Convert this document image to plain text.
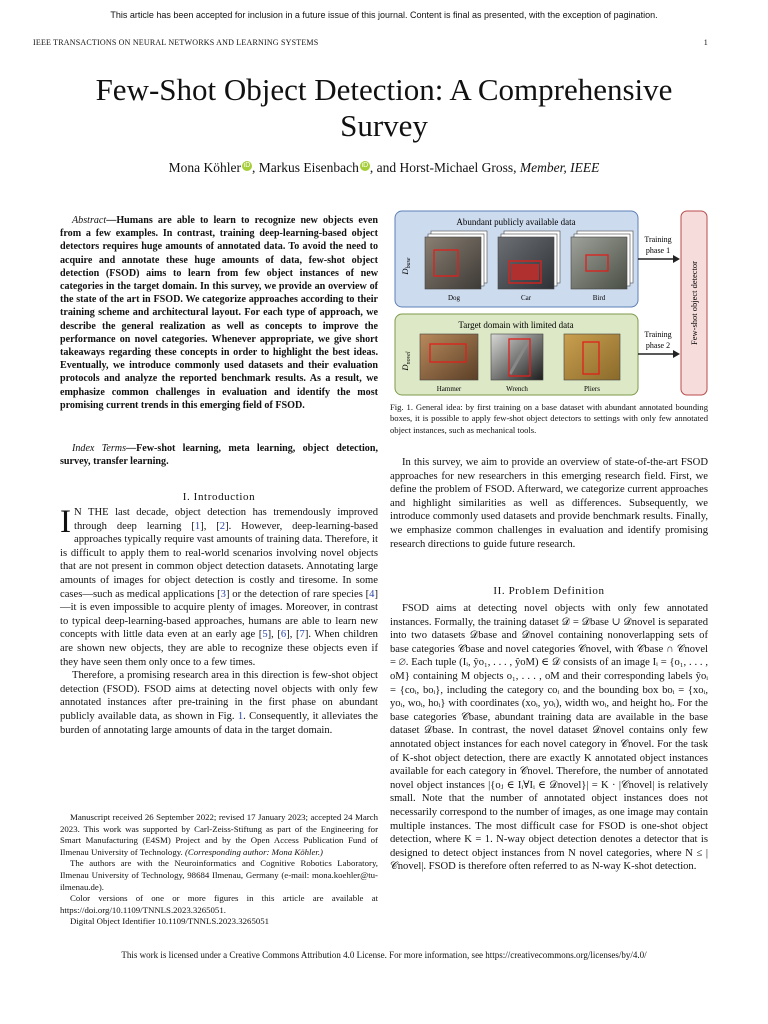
This article has been accepted for inclusion in a future issue of this journal. Content is final as presented, with the exception of pagination.
IEEE TRANSACTIONS ON NEURAL NETWORKS AND LEARNING SYSTEMS	1
Few-Shot Object Detection: A Comprehensive Survey
Mona Köhler iD , Markus Eisenbach iD , and Horst-Michael Gross, Member, IEEE
Abstract—Humans are able to learn to recognize new objects even from a few examples. In contrast, training deep-learning-based object detectors requires huge amounts of annotated data. To avoid the need to acquire and annotate these huge amounts of data, few-shot object detection (FSOD) aims to learn from few object instances of new categories in the target domain. In this survey, we provide an overview of the state of the art in FSOD. We categorize approaches according to their training scheme and architectural layout. For each type of approach, we describe the general realization as well as concepts to improve the performance on novel categories. Whenever appropriate, we give short takeaways regarding these concepts in order to highlight the best ideas. Eventually, we introduce commonly used datasets and their evaluation protocols and analyze the reported benchmark results. As a result, we emphasize common challenges in evaluation and identify the most promising current trends in this emerging field of FSOD.
Index Terms—Few-shot learning, meta learning, object detection, survey, transfer learning.
I. Introduction

I N THE last decade, object detection has tremendously improved through deep learning [1], [2]. However, deep-learning-based approaches typically require vast amounts of training data. Therefore, it is difficult to apply them to real-world scenarios involving novel objects that are not present in common object detection datasets. Annotating large amounts of images for object detection is costly and tiresome. In some cases—such as medical applications [3] or the detection of rare species [4]—it is even impossible to acquire plenty of images. Moreover, in contrast to typical deep-learning-based approaches, humans are able to learn new concepts with little data even at an early age [5], [6], [7]. When children are shown new objects, they are able to recognize these objects even if they have seen them only once to a few times.

Therefore, a promising research area in this direction is few-shot object detection (FSOD). FSOD aims at detecting novel objects with only few annotated instances after pre-training in the first phase on abundant publicly available data, as shown in Fig. 1. Consequently, it alleviates the burden of annotating large amounts of data in the target domain.

Manuscript received 26 September 2022; revised 17 January 2023; accepted 24 March 2023. This work was supported by Carl-Zeiss-Stiftung as part of the Engineering for Smart Manufacturing (E4SM) Project and by the Open Access Publication Fund of Ilmenau University of Technology. (Corresponding author: Mona Köhler.)

The authors are with the Neuroinformatics and Cognitive Robotics Laboratory, Ilmenau University of Technology, 98684 Ilmenau, Germany (e-mail: mona.koehler@tu-ilmenau.de).

Color versions of one or more figures in this article are available at https://doi.org/10.1109/TNNLS.2023.3265051.

Digital Object Identifier 10.1109/TNNLS.2023.3265051

Abundant publicly available data
$D_{base}$
Dog	Car	Bird
Target domain with limited data
$D_{novel}$
Hammer	Wrench	Pliers
Training
phase 1
Training
phase 2
Few-shot object detector
Fig. 1. General idea: by first training on a base dataset with abundant annotated bounding boxes, it is possible to apply few-shot object detectors to settings with only few annotated object instances, such as mechanical tools.

In this survey, we aim to provide an overview of state-of-the-art FSOD approaches for new researchers in this emerging research field. First, we define the problem of FSOD. Afterward, we categorize current approaches and highlight similarities as well as differences. Subsequently, we introduce commonly used datasets and provide benchmark results. Finally, we emphasize common challenges in evaluation and identify promising research directions to guide future research.

II. Problem Definition

FSOD aims at detecting novel objects with only few annotated instances. Formally, the training dataset 𝒟 = 𝒟base ∪ 𝒟novel is separated into two datasets 𝒟base and 𝒟novel containing nonoverlapping sets of base categories 𝒞base and novel categories 𝒞novel, with 𝒞base ∩ 𝒞novel = ∅. Each tuple (Iᵢ, ŷo₁, . . . , ŷoM) ∈ 𝒟 consists of an image Iᵢ = {o₁, . . . , oM} containing M objects o₁, . . . , oM and their corresponding labels ŷoᵢ = {coᵢ, boᵢ}, including the category coᵢ and the bounding box boᵢ = {xoᵢ, yoᵢ, woᵢ, hoᵢ} with coordinates (xoᵢ, yoᵢ), width woᵢ, and height hoᵢ. For the base categories 𝒞base, abundant training data are available in the base dataset 𝒟base. In contrast, the novel dataset 𝒟novel contains only few annotated object instances for each novel category in 𝒞novel. For the task of K-shot object detection, there are exactly K annotated object instances available for each category in 𝒞novel. Therefore, the number of annotated novel object instances |{oⱼ ∈ Iᵢ∀Iᵢ ∈ 𝒟novel}| = K · |𝒞novel| is relatively small. Note that the number of annotated object instances does not necessarily correspond to the number of images, as one image may contain multiple instances. The most difficult case for FSOD is one-shot object detection, where K = 1. N-way object detection denotes a detector that is designed to detect object instances from N novel categories, where N ≤ |𝒞novel|. FSOD is therefore often referred to as N-way K-shot detection.

This work is licensed under a Creative Commons Attribution 4.0 License. For more information, see https://creativecommons.org/licenses/by/4.0/
